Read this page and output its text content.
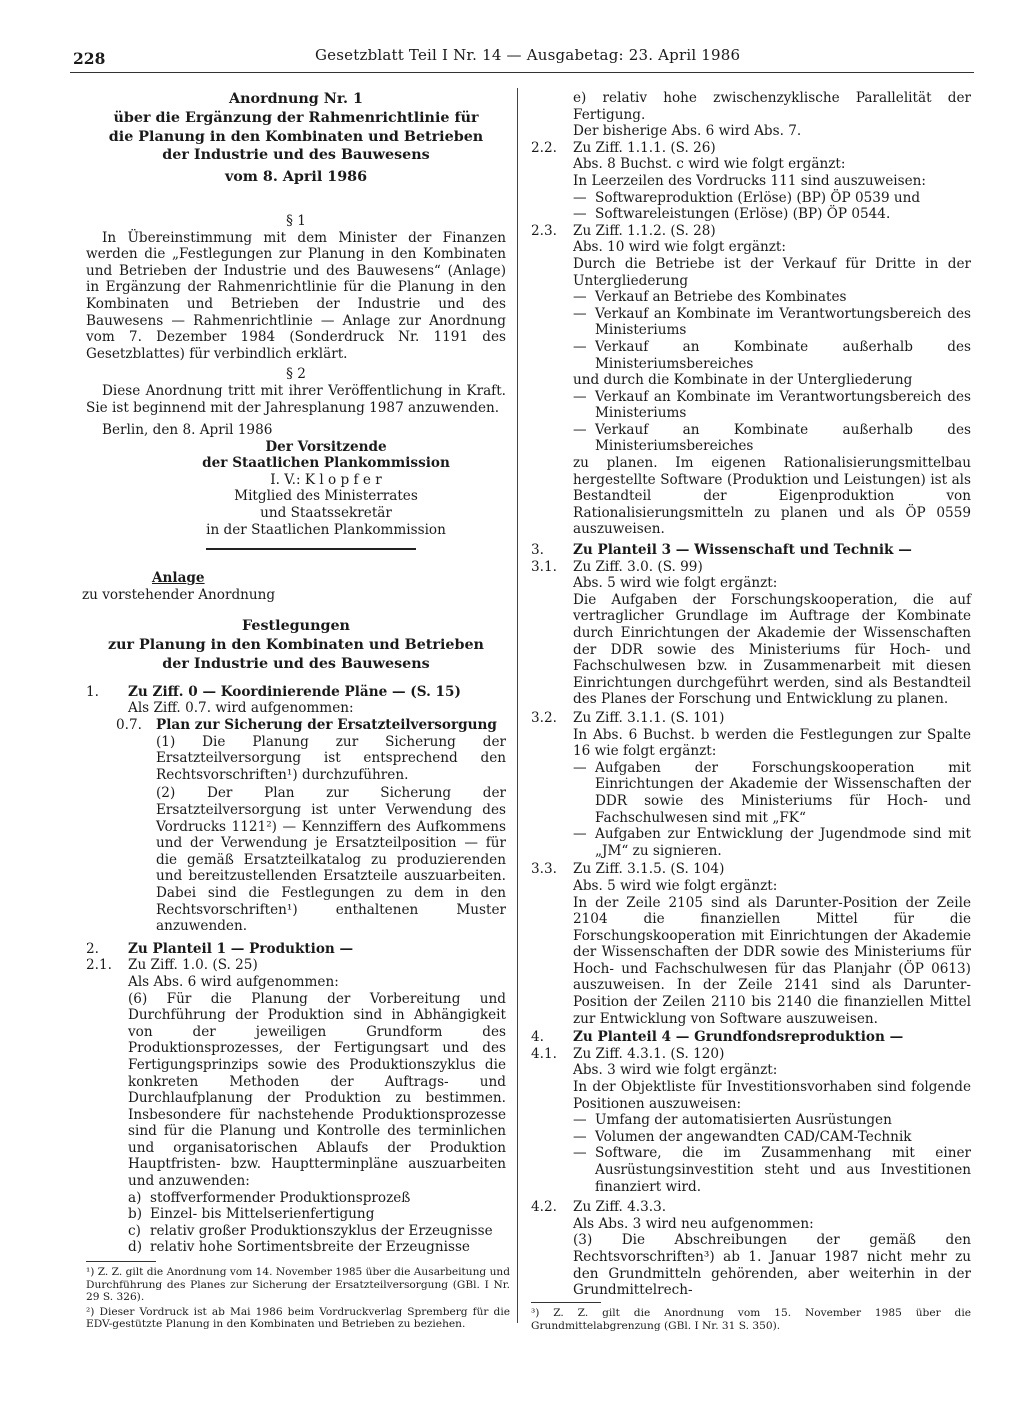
228	Gesetzblatt Teil I Nr. 14 — Ausgabetag: 23. April 1986
Anordnung Nr. 1
über die Ergänzung der Rahmenrichtlinie für
die Planung in den Kombinaten und Betrieben
der Industrie und des Bauwesens
vom 8. April 1986
§ 1
In Übereinstimmung mit dem Minister der Finanzen werden die „Festlegungen zur Planung in den Kombinaten und Betrieben der Industrie und des Bauwesens“ (Anlage) in Ergänzung der Rahmenrichtlinie für die Planung in den Kombinaten und Betrieben der Industrie und des Bauwesens — Rahmenrichtlinie — Anlage zur Anordnung vom 7. Dezember 1984 (Sonderdruck Nr. 1191 des Gesetzblattes) für verbindlich erklärt.
§ 2
Diese Anordnung tritt mit ihrer Veröffentlichung in Kraft. Sie ist beginnend mit der Jahresplanung 1987 anzuwenden.
Berlin, den 8. April 1986
Der Vorsitzende
der Staatlichen Plankommission
I. V.: K l o p f e r
Mitglied des Ministerrates
und Staatssekretär
in der Staatlichen Plankommission
Anlage
zu vorstehender Anordnung
Festlegungen
zur Planung in den Kombinaten und Betrieben
der Industrie und des Bauwesens
1.	Zu Ziff. 0 — Koordinierende Pläne — (S. 15)
Als Ziff. 0.7. wird aufgenommen:
0.7.	Plan zur Sicherung der Ersatzteilversorgung
(1) Die Planung zur Sicherung der Ersatzteilversorgung ist entsprechend den Rechtsvorschriften¹) durchzuführen.
(2) Der Plan zur Sicherung der Ersatzteilversorgung ist unter Verwendung des Vordrucks 1121²) — Kennziffern des Aufkommens und der Verwendung je Ersatzteilposition — für die gemäß Ersatzteilkatalog zu produzierenden und bereitzustellenden Ersatzteile auszuarbeiten. Dabei sind die Festlegungen zu dem in den Rechtsvorschriften¹) enthaltenen Muster anzuwenden.
2.	Zu Planteil 1 — Produktion —
2.1.	Zu Ziff. 1.0. (S. 25)
Als Abs. 6 wird aufgenommen:
(6) Für die Planung der Vorbereitung und Durchführung der Produktion sind in Abhängigkeit von der jeweiligen Grundform des Produktionsprozesses, der Fertigungsart und des Fertigungsprinzips sowie des Produktionszyklus die konkreten Methoden der Auftrags- und Durchlaufplanung der Produktion zu bestimmen. Insbesondere für nachstehende Produktionsprozesse sind für die Planung und Kontrolle des terminlichen und organisatorischen Ablaufs der Produktion Hauptfristen- bzw. Hauptterminpläne auszuarbeiten und anzuwenden:
a) stoffverformender Produktionsprozeß
b) Einzel- bis Mittelserienfertigung
c) relativ großer Produktionszyklus der Erzeugnisse
d) relativ hohe Sortimentsbreite der Erzeugnisse
¹) Z. Z. gilt die Anordnung vom 14. November 1985 über die Ausarbeitung und Durchführung des Planes zur Sicherung der Ersatzteilversorgung (GBl. I Nr. 29 S. 326).
²) Dieser Vordruck ist ab Mai 1986 beim Vordruckverlag Spremberg für die EDV-gestützte Planung in den Kombinaten und Betrieben zu beziehen.
e) relativ hohe zwischenzyklische Parallelität der Fertigung.
Der bisherige Abs. 6 wird Abs. 7.
2.2.	Zu Ziff. 1.1.1. (S. 26)
Abs. 8 Buchst. c wird wie folgt ergänzt:
In Leerzeilen des Vordrucks 111 sind auszuweisen:
— Softwareproduktion (Erlöse) (BP) ÖP 0539 und
— Softwareleistungen (Erlöse) (BP) ÖP 0544.
2.3.	Zu Ziff. 1.1.2. (S. 28)
Abs. 10 wird wie folgt ergänzt:
Durch die Betriebe ist der Verkauf für Dritte in der Untergliederung
— Verkauf an Betriebe des Kombinates
— Verkauf an Kombinate im Verantwortungsbereich des Ministeriums
— Verkauf an Kombinate außerhalb des Ministeriumsbereiches
und durch die Kombinate in der Untergliederung
— Verkauf an Kombinate im Verantwortungsbereich des Ministeriums
— Verkauf an Kombinate außerhalb des Ministeriumsbereiches
zu planen. Im eigenen Rationalisierungsmittelbau hergestellte Software (Produktion und Leistungen) ist als Bestandteil der Eigenproduktion von Rationalisierungsmitteln zu planen und als ÖP 0559 auszuweisen.
3.	Zu Planteil 3 — Wissenschaft und Technik —
3.1.	Zu Ziff. 3.0. (S. 99)
Abs. 5 wird wie folgt ergänzt:
Die Aufgaben der Forschungskooperation, die auf vertraglicher Grundlage im Auftrage der Kombinate durch Einrichtungen der Akademie der Wissenschaften der DDR sowie des Ministeriums für Hoch- und Fachschulwesen bzw. in Zusammenarbeit mit diesen Einrichtungen durchgeführt werden, sind als Bestandteil des Planes der Forschung und Entwicklung zu planen.
3.2.	Zu Ziff. 3.1.1. (S. 101)
In Abs. 6 Buchst. b werden die Festlegungen zur Spalte 16 wie folgt ergänzt:
— Aufgaben der Forschungskooperation mit Einrichtungen der Akademie der Wissenschaften der DDR sowie des Ministeriums für Hoch- und Fachschulwesen sind mit „FK“
— Aufgaben zur Entwicklung der Jugendmode sind mit „JM“ zu signieren.
3.3.	Zu Ziff. 3.1.5. (S. 104)
Abs. 5 wird wie folgt ergänzt:
In der Zeile 2105 sind als Darunter-Position der Zeile 2104 die finanziellen Mittel für die Forschungskooperation mit Einrichtungen der Akademie der Wissenschaften der DDR sowie des Ministeriums für Hoch- und Fachschulwesen für das Planjahr (ÖP 0613) auszuweisen. In der Zeile 2141 sind als Darunter-Position der Zeilen 2110 bis 2140 die finanziellen Mittel zur Entwicklung von Software auszuweisen.
4.	Zu Planteil 4 — Grundfondsreproduktion —
4.1.	Zu Ziff. 4.3.1. (S. 120)
Abs. 3 wird wie folgt ergänzt:
In der Objektliste für Investitionsvorhaben sind folgende Positionen auszuweisen:
— Umfang der automatisierten Ausrüstungen
— Volumen der angewandten CAD/CAM-Technik
— Software, die im Zusammenhang mit einer Ausrüstungsinvestition steht und aus Investitionen finanziert wird.
4.2.	Zu Ziff. 4.3.3.
Als Abs. 3 wird neu aufgenommen:
(3) Die Abschreibungen der gemäß den Rechtsvorschriften³) ab 1. Januar 1987 nicht mehr zu den Grundmitteln gehörenden, aber weiterhin in der Grundmittelrech-
³) Z. Z. gilt die Anordnung vom 15. November 1985 über die Grundmittelabgrenzung (GBl. I Nr. 31 S. 350).
